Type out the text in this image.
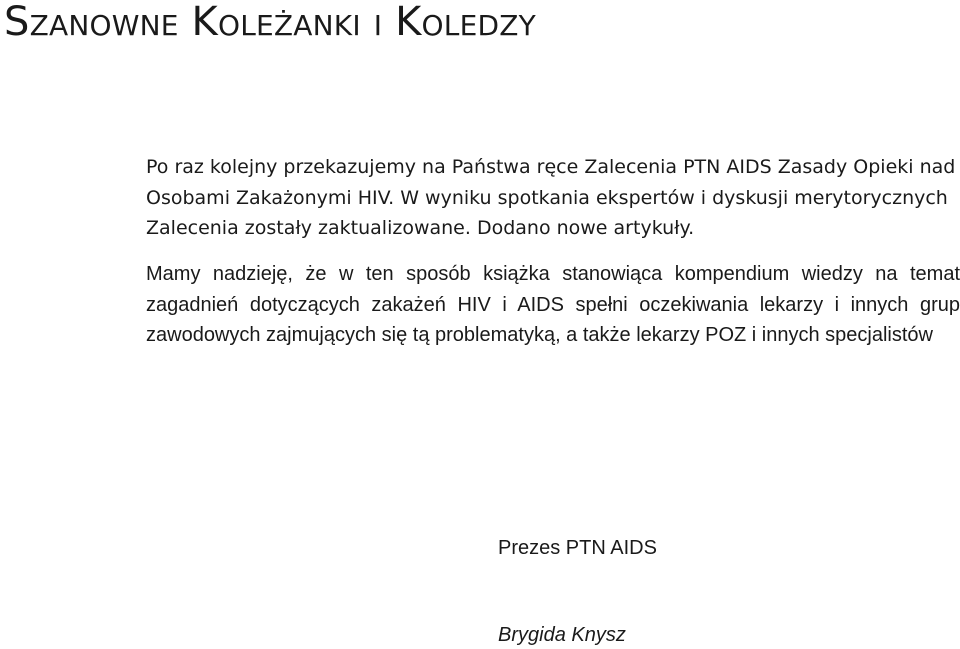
Szanowne Koleżanki i Koledzy

Po raz kolejny przekazujemy na Państwa ręce Zalecenia PTN AIDS Zasady Opieki nad Osobami Zakażonymi HIV. W wyniku spotkania ekspertów i dyskusji merytorycznych Zalecenia zostały zaktualizowane. Dodano nowe artykuły.

Mamy nadzieję, że w ten sposób książka stanowiąca kompendium wiedzy na temat zagadnień dotyczących zakażeń HIV i AIDS spełni oczekiwania lekarzy i innych grup zawodowych zajmujących się tą problematyką, a także lekarzy POZ i innych specjalistów

Prezes PTN AIDS

Brygida Knysz
